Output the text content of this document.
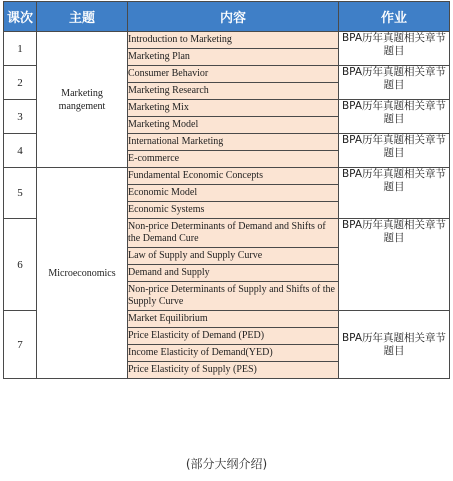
课次	主题	内容	作业
1	Marketing mangement	Introduction to Marketing	BPA历年真题相关章节题目
		Marketing Plan	
2		Consumer Behavior	BPA历年真题相关章节题目
		Marketing Research	
3		Marketing Mix	BPA历年真题相关章节题目
		Marketing Model	
4		International Marketing	BPA历年真题相关章节题目
		E-commerce	
5	Microeconomics	Fundamental Economic Concepts	BPA历年真题相关章节题目
		Economic Model	
		Economic Systems	
6		Non-price Determinants of Demand and Shifts of the Demand Cure	BPA历年真题相关章节题目
		Law of Supply and Supply Curve	
		Demand and Supply	
		Non-price Determinants of Supply and Shifts of the Supply Curve	
7		Market Equilibrium	BPA历年真题相关章节题目
		Price Elasticity of Demand (PED)	
		Income Elasticity of Demand(YED)	
		Price Elasticity of Supply (PES)	
(部分大纲介绍)
